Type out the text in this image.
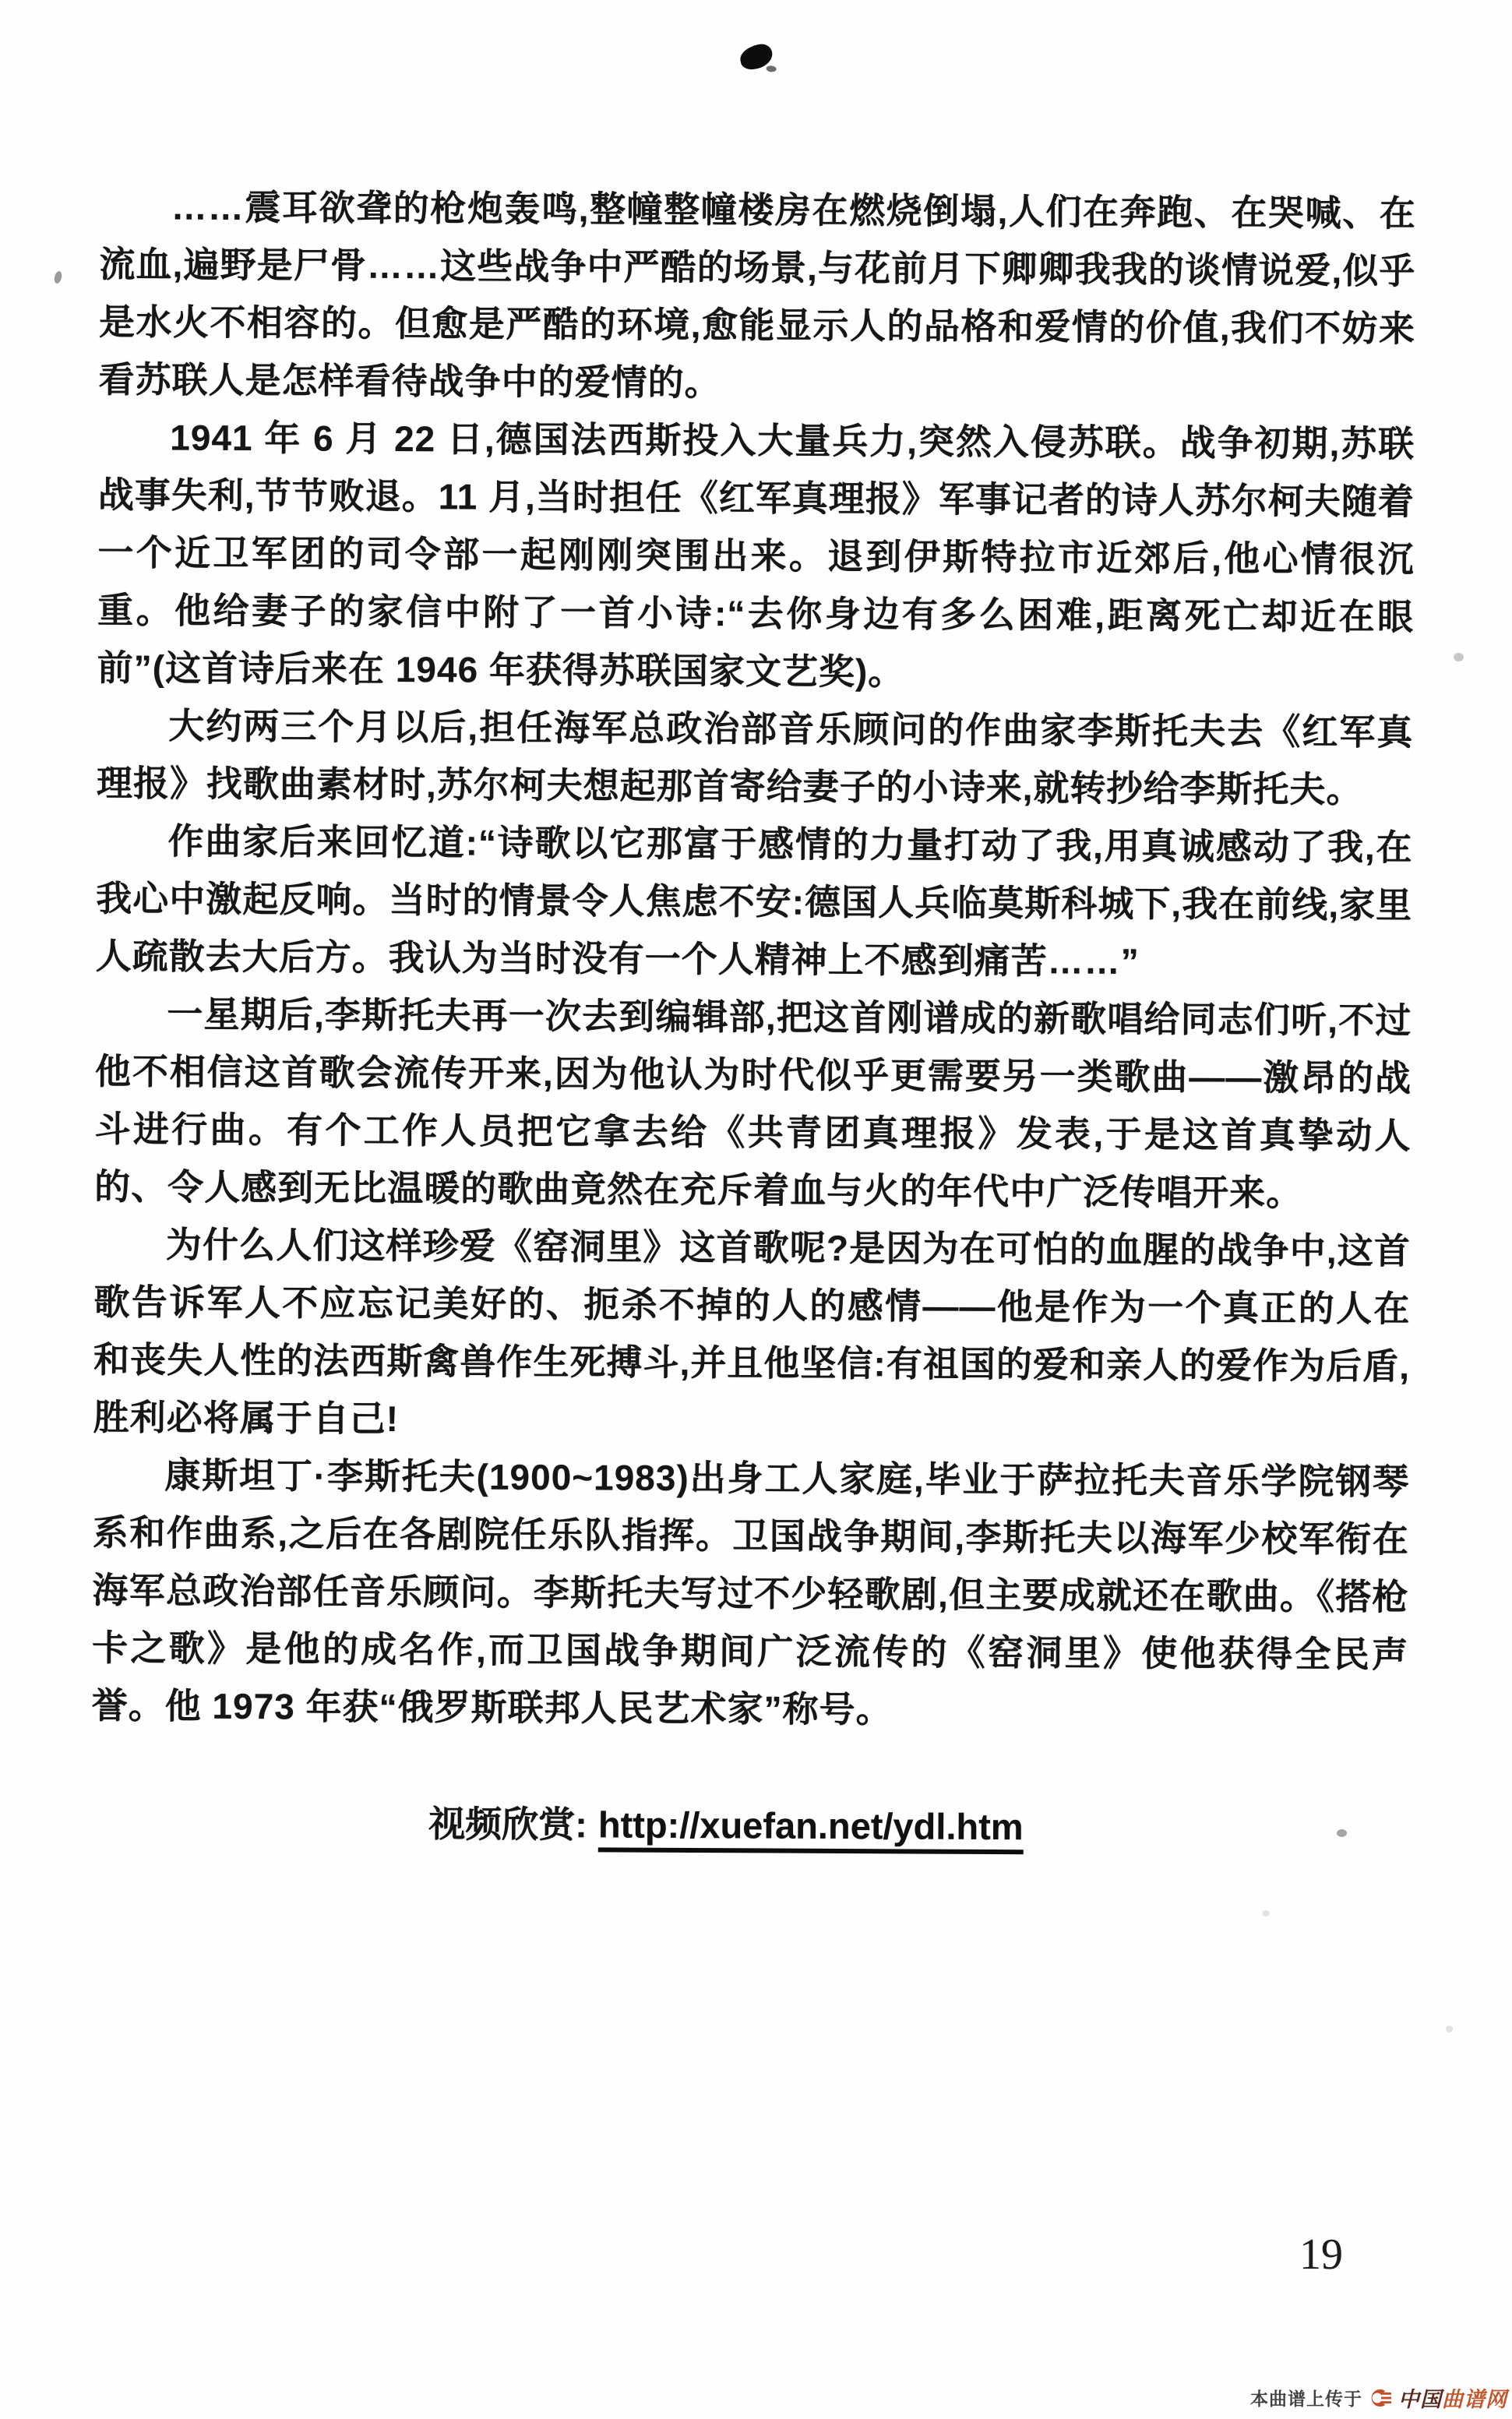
……震耳欲聋的枪炮轰鸣,整幢整幢楼房在燃烧倒塌,人们在奔跑、在哭喊、在流血,遍野是尸骨……这些战争中严酷的场景,与花前月下卿卿我我的谈情说爱,似乎是水火不相容的。但愈是严酷的环境,愈能显示人的品格和爱情的价值,我们不妨来看苏联人是怎样看待战争中的爱情的。

1941 年 6 月 22 日,德国法西斯投入大量兵力,突然入侵苏联。战争初期,苏联战事失利,节节败退。11 月,当时担任《红军真理报》军事记者的诗人苏尔柯夫随着一个近卫军团的司令部一起刚刚突围出来。退到伊斯特拉市近郊后,他心情很沉重。他给妻子的家信中附了一首小诗:“去你身边有多么困难,距离死亡却近在眼前”(这首诗后来在 1946 年获得苏联国家文艺奖)。

大约两三个月以后,担任海军总政治部音乐顾问的作曲家李斯托夫去《红军真理报》找歌曲素材时,苏尔柯夫想起那首寄给妻子的小诗来,就转抄给李斯托夫。

作曲家后来回忆道:“诗歌以它那富于感情的力量打动了我,用真诚感动了我,在我心中激起反响。当时的情景令人焦虑不安:德国人兵临莫斯科城下,我在前线,家里人疏散去大后方。我认为当时没有一个人精神上不感到痛苦……”

一星期后,李斯托夫再一次去到编辑部,把这首刚谱成的新歌唱给同志们听,不过他不相信这首歌会流传开来,因为他认为时代似乎更需要另一类歌曲——激昂的战斗进行曲。有个工作人员把它拿去给《共青团真理报》发表,于是这首真挚动人的、令人感到无比温暖的歌曲竟然在充斥着血与火的年代中广泛传唱开来。

为什么人们这样珍爱《窑洞里》这首歌呢?是因为在可怕的血腥的战争中,这首歌告诉军人不应忘记美好的、扼杀不掉的人的感情——他是作为一个真正的人在和丧失人性的法西斯禽兽作生死搏斗,并且他坚信:有祖国的爱和亲人的爱作为后盾,胜利必将属于自己!

康斯坦丁·李斯托夫(1900~1983)出身工人家庭,毕业于萨拉托夫音乐学院钢琴系和作曲系,之后在各剧院任乐队指挥。卫国战争期间,李斯托夫以海军少校军衔在海军总政治部任音乐顾问。李斯托夫写过不少轻歌剧,但主要成就还在歌曲。《搭枪卡之歌》是他的成名作,而卫国战争期间广泛流传的《窑洞里》使他获得全民声誉。他 1973 年获“俄罗斯联邦人民艺术家”称号。

视频欣赏: http://xuefan.net/ydl.htm
19
本曲谱上传于 中国曲谱网
